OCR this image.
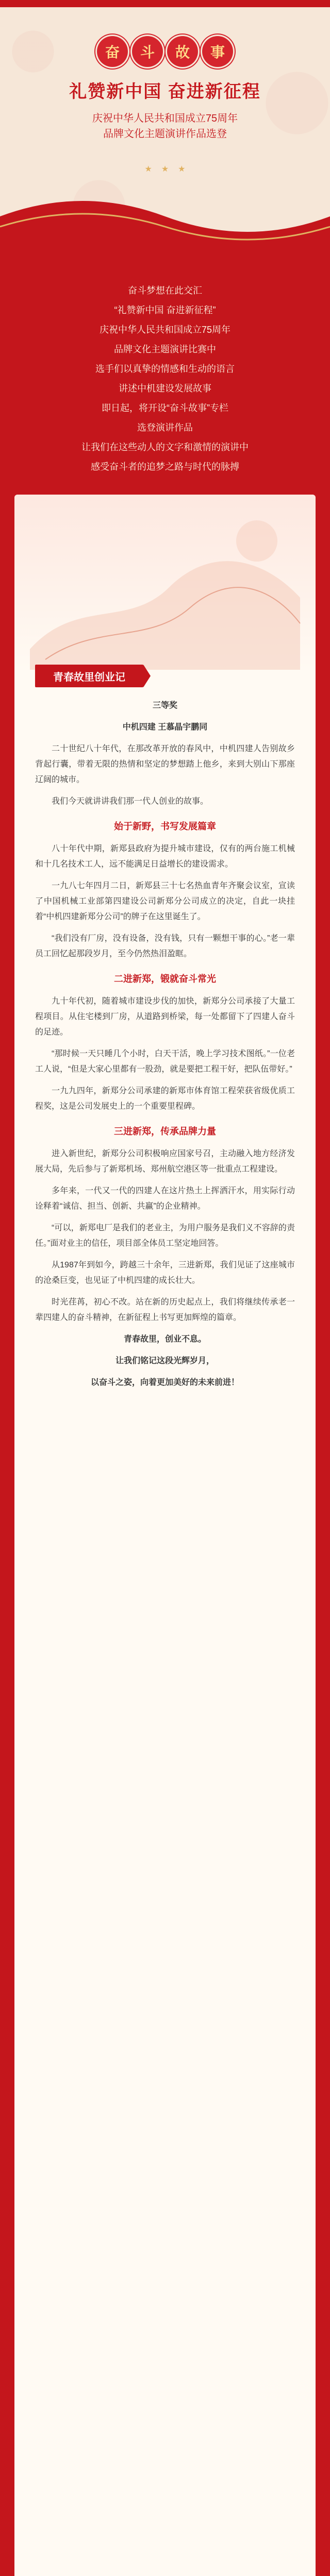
奋	斗	故	事
礼赞新中国 奋进新征程
庆祝中华人民共和国成立75周年
品牌文化主题演讲作品选登
★ ★ ★
奋斗梦想在此交汇
“礼赞新中国 奋进新征程”
庆祝中华人民共和国成立75周年
品牌文化主题演讲比赛中
选手们以真挚的情感和生动的语言
讲述中机建设发展故事
即日起，将开设“奋斗故事”专栏
选登演讲作品
让我们在这些动人的文字和激情的演讲中
感受奋斗者的追梦之路与时代的脉搏
青春故里创业记

三等奖

中机四建 王慕晶宇鹏同

二十世纪八十年代，在那改革开放的春风中，中机四建人告别故乡背起行囊，带着无限的热情和坚定的梦想踏上他乡，来到大别山下那座辽阔的城市。

我们今天就讲讲我们那一代人创业的故事。

始于新野，书写发展篇章

八十年代中期，新郑县政府为提升城市建设，仅有的两台施工机械和十几名技术工人，远不能满足日益增长的建设需求。

一九八七年四月二日，新郑县三十七名热血青年齐聚会议室，宣读了中国机械工业部第四建设公司新郑分公司成立的决定，自此一块挂着“中机四建新郑分公司”的牌子在这里诞生了。

“我们没有厂房，没有设备，没有钱，只有一颗想干事的心。”老一辈员工回忆起那段岁月，至今仍然热泪盈眶。

二进新郑，锻就奋斗常光

九十年代初，随着城市建设步伐的加快，新郑分公司承接了大量工程项目。从住宅楼到厂房，从道路到桥梁，每一处都留下了四建人奋斗的足迹。

“那时候一天只睡几个小时，白天干活，晚上学习技术图纸。”一位老工人说，“但是大家心里都有一股劲，就是要把工程干好，把队伍带好。”

一九九四年，新郑分公司承建的新郑市体育馆工程荣获省级优质工程奖，这是公司发展史上的一个重要里程碑。

三进新郑，传承品牌力量

进入新世纪，新郑分公司积极响应国家号召，主动融入地方经济发展大局，先后参与了新郑机场、郑州航空港区等一批重点工程建设。

多年来，一代又一代的四建人在这片热土上挥洒汗水，用实际行动诠释着“诚信、担当、创新、共赢”的企业精神。

“可以，新郑电厂是我们的老业主，为用户服务是我们义不容辞的责任。”面对业主的信任，项目部全体员工坚定地回答。

从1987年到如今，跨越三十余年，三进新郑，我们见证了这座城市的沧桑巨变，也见证了中机四建的成长壮大。

时光荏苒，初心不改。站在新的历史起点上，我们将继续传承老一辈四建人的奋斗精神，在新征程上书写更加辉煌的篇章。

青春故里，创业不息。

让我们铭记这段光辉岁月，

以奋斗之姿，向着更加美好的未来前进！
